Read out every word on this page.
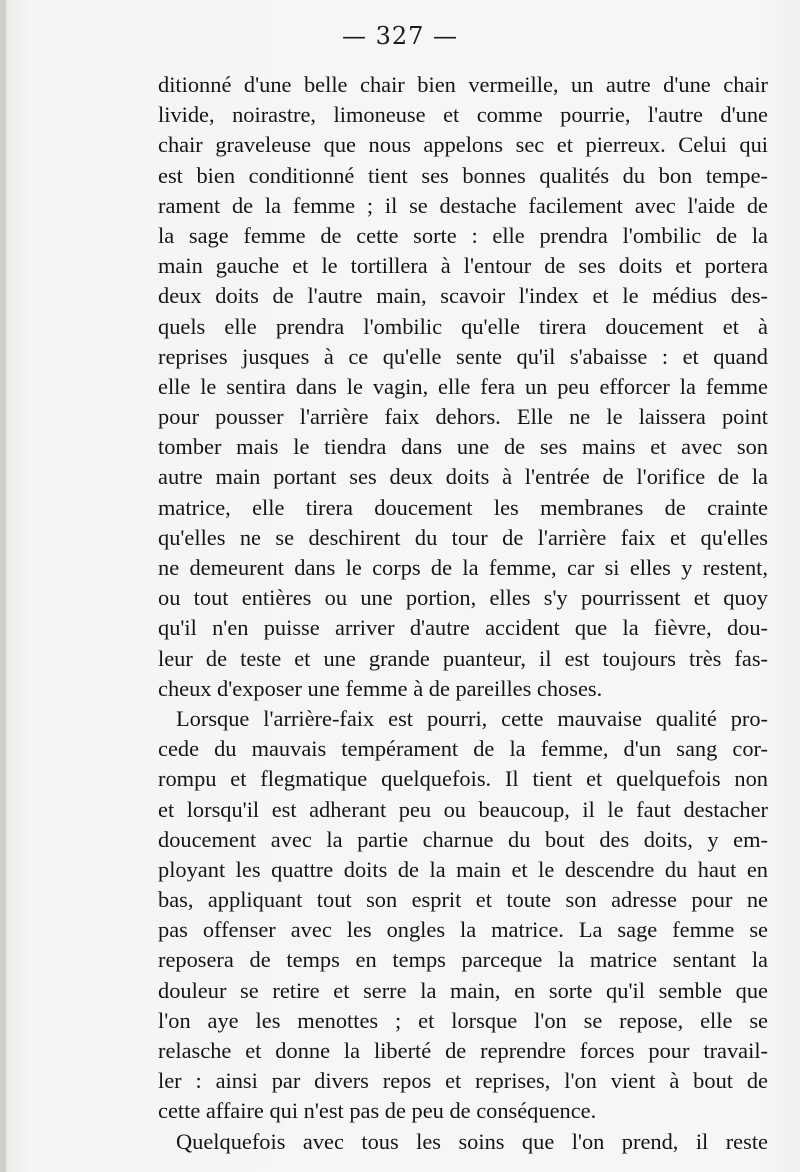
— 327 —
ditionné d'une belle chair bien vermeille, un autre d'une chair
livide, noirastre, limoneuse et comme pourrie, l'autre d'une
chair graveleuse que nous appelons sec et pierreux. Celui qui
est bien conditionné tient ses bonnes qualités du bon tempe-
rament de la femme ; il se destache facilement avec l'aide de
la sage femme de cette sorte : elle prendra l'ombilic de la
main gauche et le tortillera à l'entour de ses doits et portera
deux doits de l'autre main, scavoir l'index et le médius des-
quels elle prendra l'ombilic qu'elle tirera doucement et à
reprises jusques à ce qu'elle sente qu'il s'abaisse : et quand
elle le sentira dans le vagin, elle fera un peu efforcer la femme
pour pousser l'arrière faix dehors. Elle ne le laissera point
tomber mais le tiendra dans une de ses mains et avec son
autre main portant ses deux doits à l'entrée de l'orifice de la
matrice, elle tirera doucement les membranes de crainte
qu'elles ne se deschirent du tour de l'arrière faix et qu'elles
ne demeurent dans le corps de la femme, car si elles y restent,
ou tout entières ou une portion, elles s'y pourrissent et quoy
qu'il n'en puisse arriver d'autre accident que la fièvre, dou-
leur de teste et une grande puanteur, il est toujours très fas-
cheux d'exposer une femme à de pareilles choses.
Lorsque l'arrière-faix est pourri, cette mauvaise qualité pro-
cede du mauvais tempérament de la femme, d'un sang cor-
rompu et flegmatique quelquefois. Il tient et quelquefois non
et lorsqu'il est adherant peu ou beaucoup, il le faut destacher
doucement avec la partie charnue du bout des doits, y em-
ployant les quattre doits de la main et le descendre du haut en
bas, appliquant tout son esprit et toute son adresse pour ne
pas offenser avec les ongles la matrice. La sage femme se
reposera de temps en temps parceque la matrice sentant la
douleur se retire et serre la main, en sorte qu'il semble que
l'on aye les menottes ; et lorsque l'on se repose, elle se
relasche et donne la liberté de reprendre forces pour travail-
ler : ainsi par divers repos et reprises, l'on vient à bout de
cette affaire qui n'est pas de peu de conséquence.
Quelquefois avec tous les soins que l'on prend, il reste
